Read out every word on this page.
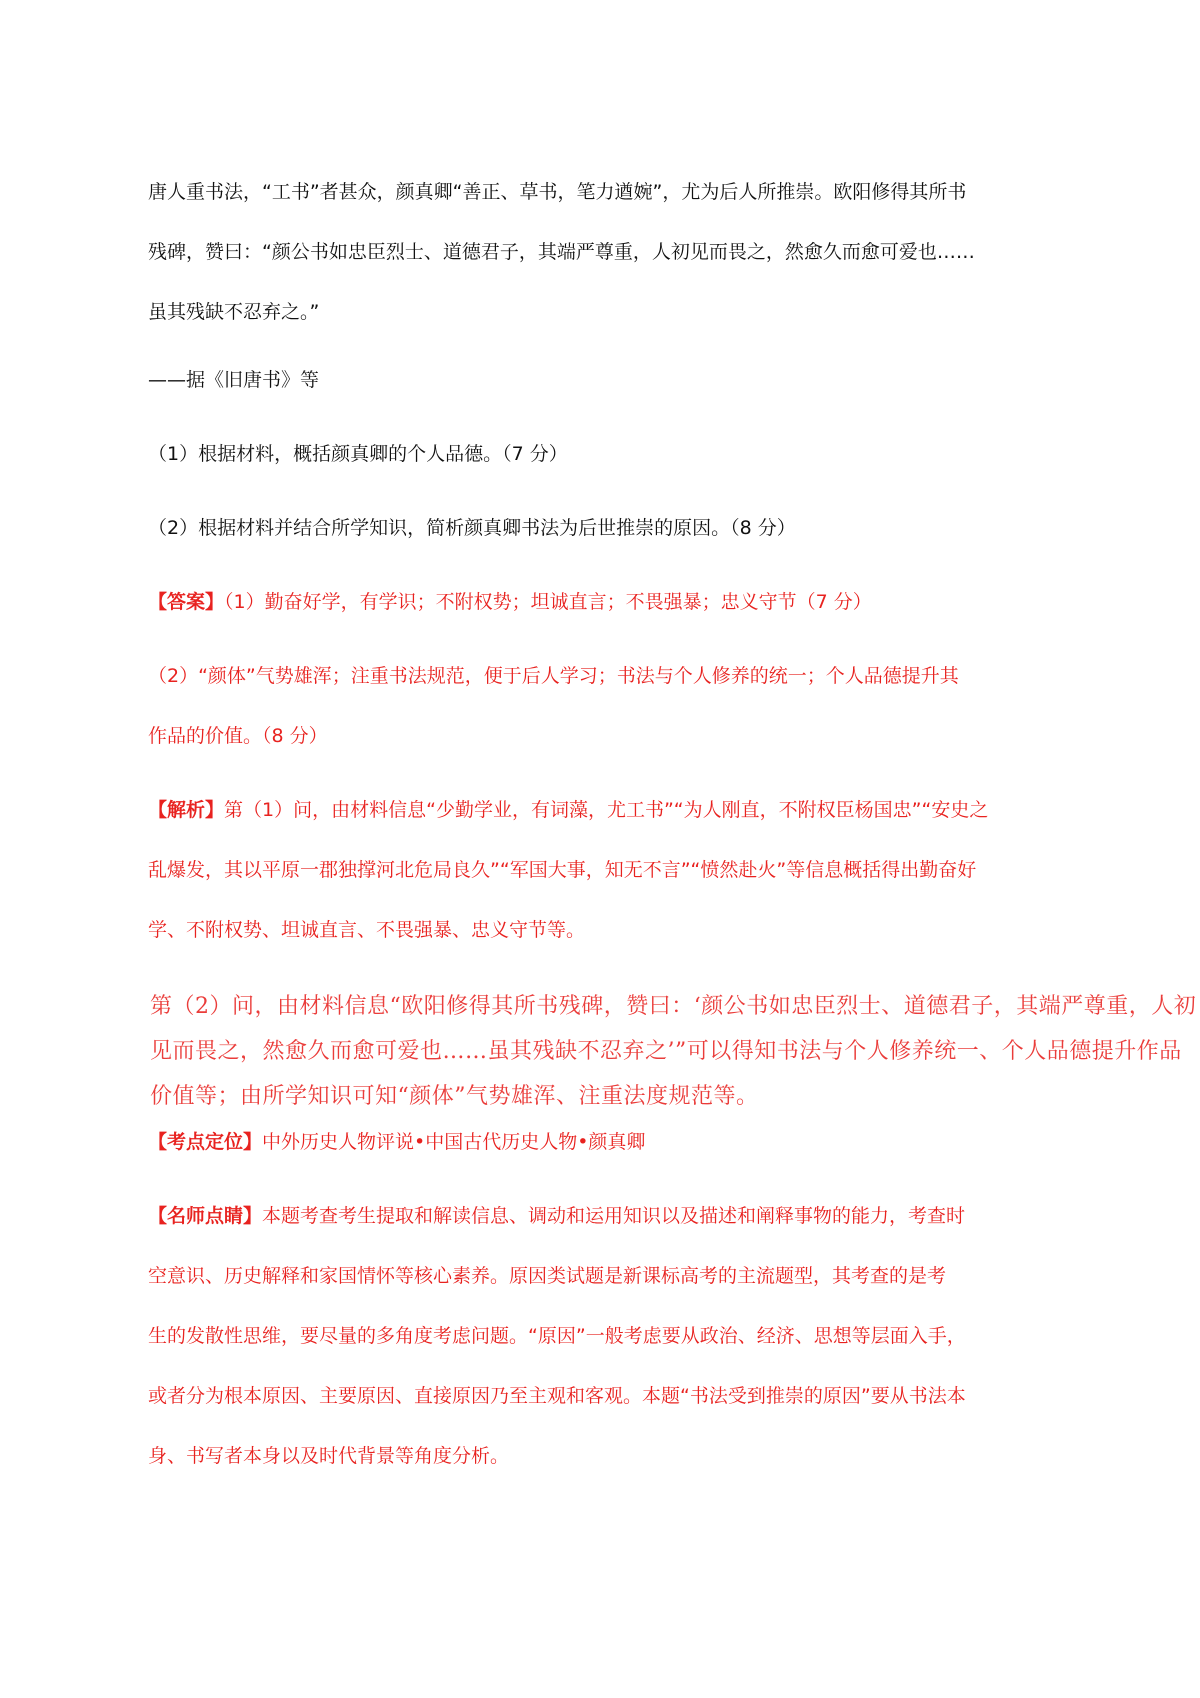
唐人重书法，“工书”者甚众，颜真卿“善正、草书，笔力遒婉”，尤为后人所推崇。欧阳修得其所书
残碑，赞曰：“颜公书如忠臣烈士、道德君子，其端严尊重，人初见而畏之，然愈久而愈可爱也……
虽其残缺不忍弃之。”
——据《旧唐书》等
（1）根据材料，概括颜真卿的个人品德。（7 分）
（2）根据材料并结合所学知识，简析颜真卿书法为后世推崇的原因。（8 分）
【答案】（1）勤奋好学，有学识；不附权势；坦诚直言；不畏强暴；忠义守节（7 分）
（2）“颜体”气势雄浑；注重书法规范，便于后人学习；书法与个人修养的统一；个人品德提升其
作品的价值。（8 分）
【解析】第（1）问，由材料信息“少勤学业，有词藻，尤工书”“为人刚直，不附权臣杨国忠”“安史之
乱爆发，其以平原一郡独撑河北危局良久”“军国大事，知无不言”“愤然赴火”等信息概括得出勤奋好
学、不附权势、坦诚直言、不畏强暴、忠义守节等。
第（2）问，由材料信息“欧阳修得其所书残碑，赞曰：‘颜公书如忠臣烈士、道德君子，其端严尊重，人初
见而畏之，然愈久而愈可爱也……虽其残缺不忍弃之’”可以得知书法与个人修养统一、个人品德提升作品
价值等；由所学知识可知“颜体”气势雄浑、注重法度规范等。
【考点定位】中外历史人物评说•中国古代历史人物•颜真卿
【名师点睛】本题考查考生提取和解读信息、调动和运用知识以及描述和阐释事物的能力，考查时
空意识、历史解释和家国情怀等核心素养。原因类试题是新课标高考的主流题型，其考查的是考
生的发散性思维，要尽量的多角度考虑问题。“原因”一般考虑要从政治、经济、思想等层面入手，
或者分为根本原因、主要原因、直接原因乃至主观和客观。本题“书法受到推崇的原因”要从书法本
身、书写者本身以及时代背景等角度分析。
